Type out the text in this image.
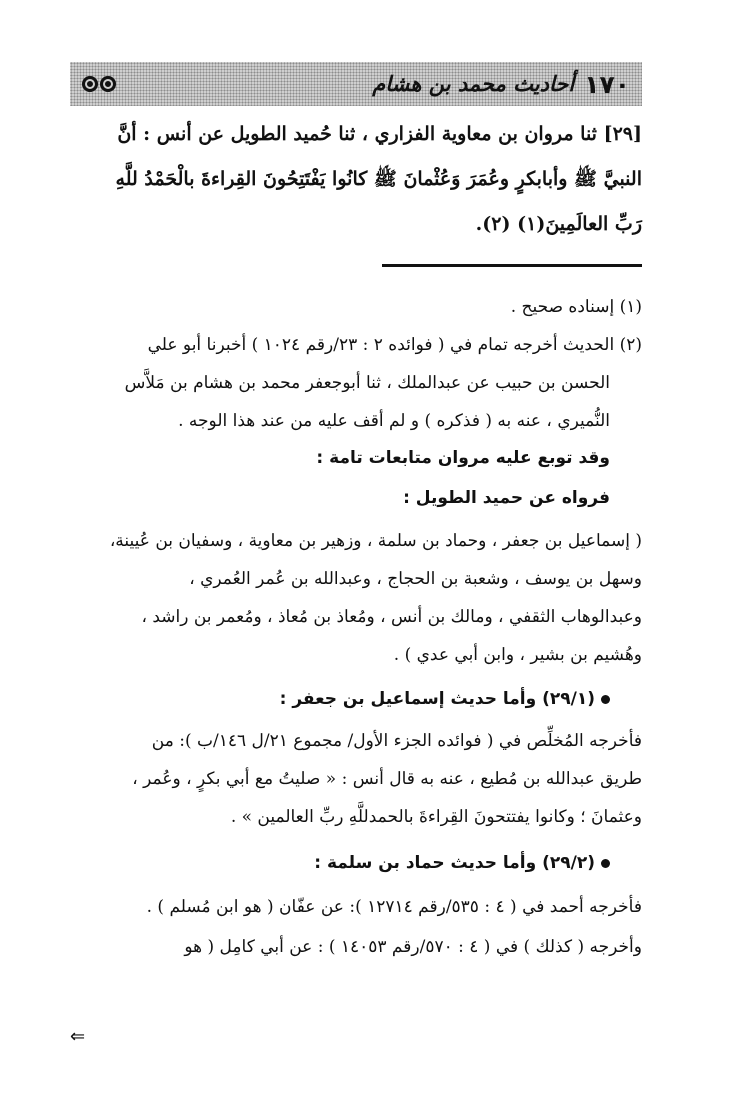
١٧٠
أحاديث محمد بن هشام

[٢٩] ثنا مروان بن معاوية الفزاري ، ثنا حُميد الطويل عن أنس : أنَّ

النبيَّ ﷺ وأبابكرٍ وعُمَرَ وَعُثْمانَ ﷺ كانُوا يَفْتَتِحُونَ القِراءةَ بالْحَمْدُ للَّهِ

رَبِّ العالَمِينَ(١) (٢).

(١) إسناده صحيح .

(٢) الحديث أخرجه تمام في ( فوائده ٢ : ٢٣/رقم ١٠٢٤ ) أخبرنا أبو علي

الحسن بن حبيب عن عبدالملك ، ثنا أبوجعفر محمد بن هشام بن مَلاَّس

النُّميري ، عنه به ( فذكره ) و لم أقف عليه من عند هذا الوجه .

وقد توبع عليه مروان متابعات تامة :

فرواه عن حميد الطويل :

( إسماعيل بن جعفر ، وحماد بن سلمة ، وزهير بن معاوية ، وسفيان بن عُيينة،

وسهل بن يوسف ، وشعبة بن الحجاج ، وعبدالله بن عُمر العُمري ،

وعبدالوهاب الثقفي ، ومالك بن أنس ، ومُعاذ بن مُعاذ ، ومُعمر بن راشد ،

وهُشيم بن بشير ، وابن أبي عدي ) .

(٢٩/١) وأما حديث إسماعيل بن جعفر :

فأخرجه المُخلِّص في ( فوائده الجزء الأول/ مجموع ٢١/ل ١٤٦/ب ): من

طريق عبدالله بن مُطيع ، عنه به قال أنس : « صليتُ مع أبي بكرٍ ، وعُمر ،

وعثمانَ ؛ وكانوا يفتتحونَ القِراءةَ بالحمدللَّهِ ربِّ العالمين » .

(٢٩/٢) وأما حديث حماد بن سلمة :

فأخرجه أحمد في ( ٤ : ٥٣٥/رقم ١٢٧١٤ ): عن عفّان ( هو ابن مُسلم ) .

وأخرجه ( كذلك ) في ( ٤ : ٥٧٠/رقم ١٤٠٥٣ ) : عن أبي كامِل ( هو

⇐
